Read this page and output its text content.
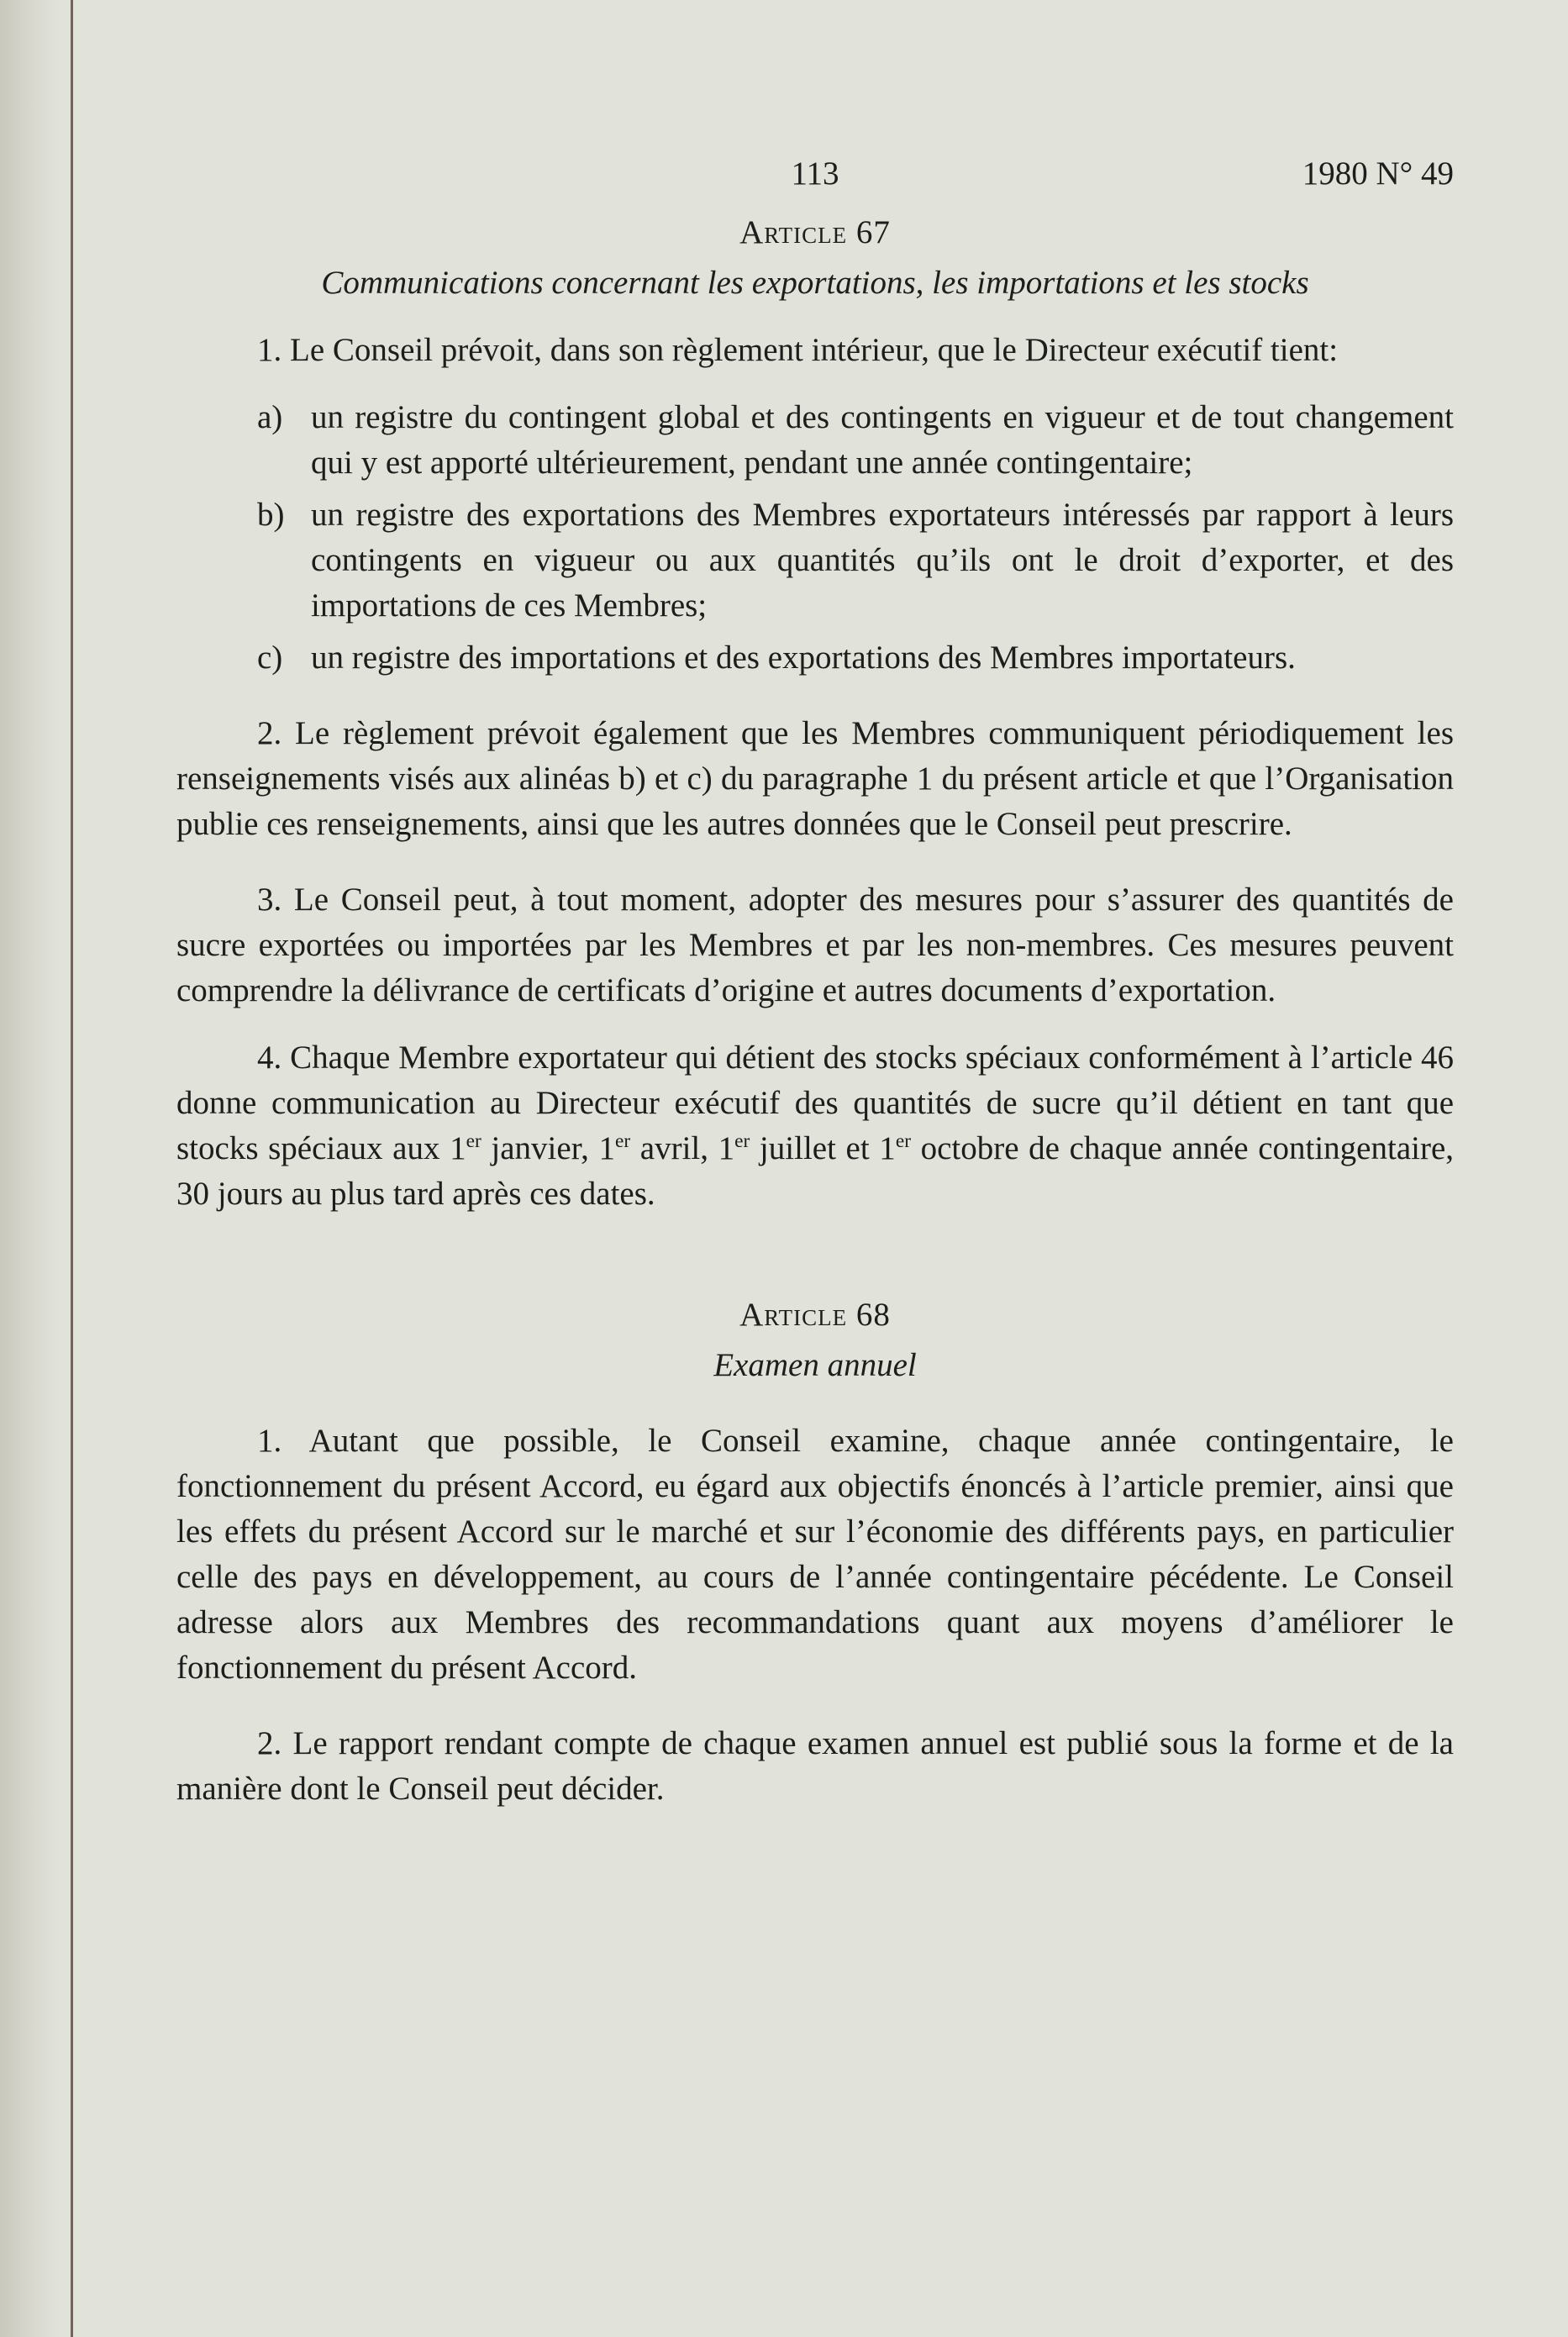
113	1980 N° 49
Article 67
Communications concernant les exportations, les importations et les stocks

1. Le Conseil prévoit, dans son règlement intérieur, que le Directeur exécutif tient:

a) un registre du contingent global et des contingents en vigueur et de tout changement qui y est apporté ultérieurement, pendant une année contingentaire;
b) un registre des exportations des Membres exportateurs intéressés par rapport à leurs contingents en vigueur ou aux quantités qu’ils ont le droit d’exporter, et des importations de ces Membres;
c) un registre des importations et des exportations des Membres importateurs.

2. Le règlement prévoit également que les Membres communiquent périodiquement les renseignements visés aux alinéas b) et c) du paragraphe 1 du présent article et que l’Organisation publie ces renseignements, ainsi que les autres données que le Conseil peut prescrire.

3. Le Conseil peut, à tout moment, adopter des mesures pour s’assurer des quantités de sucre exportées ou importées par les Membres et par les non-membres. Ces mesures peuvent comprendre la délivrance de certificats d’origine et autres documents d’exportation.

4. Chaque Membre exportateur qui détient des stocks spéciaux conformément à l’article 46 donne communication au Directeur exécutif des quantités de sucre qu’il détient en tant que stocks spéciaux aux 1er janvier, 1er avril, 1er juillet et 1er octobre de chaque année contingentaire, 30 jours au plus tard après ces dates.

Article 68
Examen annuel

1. Autant que possible, le Conseil examine, chaque année contingentaire, le fonctionnement du présent Accord, eu égard aux objectifs énoncés à l’article premier, ainsi que les effets du présent Accord sur le marché et sur l’économie des différents pays, en particulier celle des pays en développement, au cours de l’année contingentaire pécédente. Le Conseil adresse alors aux Membres des recommandations quant aux moyens d’améliorer le fonctionnement du présent Accord.

2. Le rapport rendant compte de chaque examen annuel est publié sous la forme et de la manière dont le Conseil peut décider.
